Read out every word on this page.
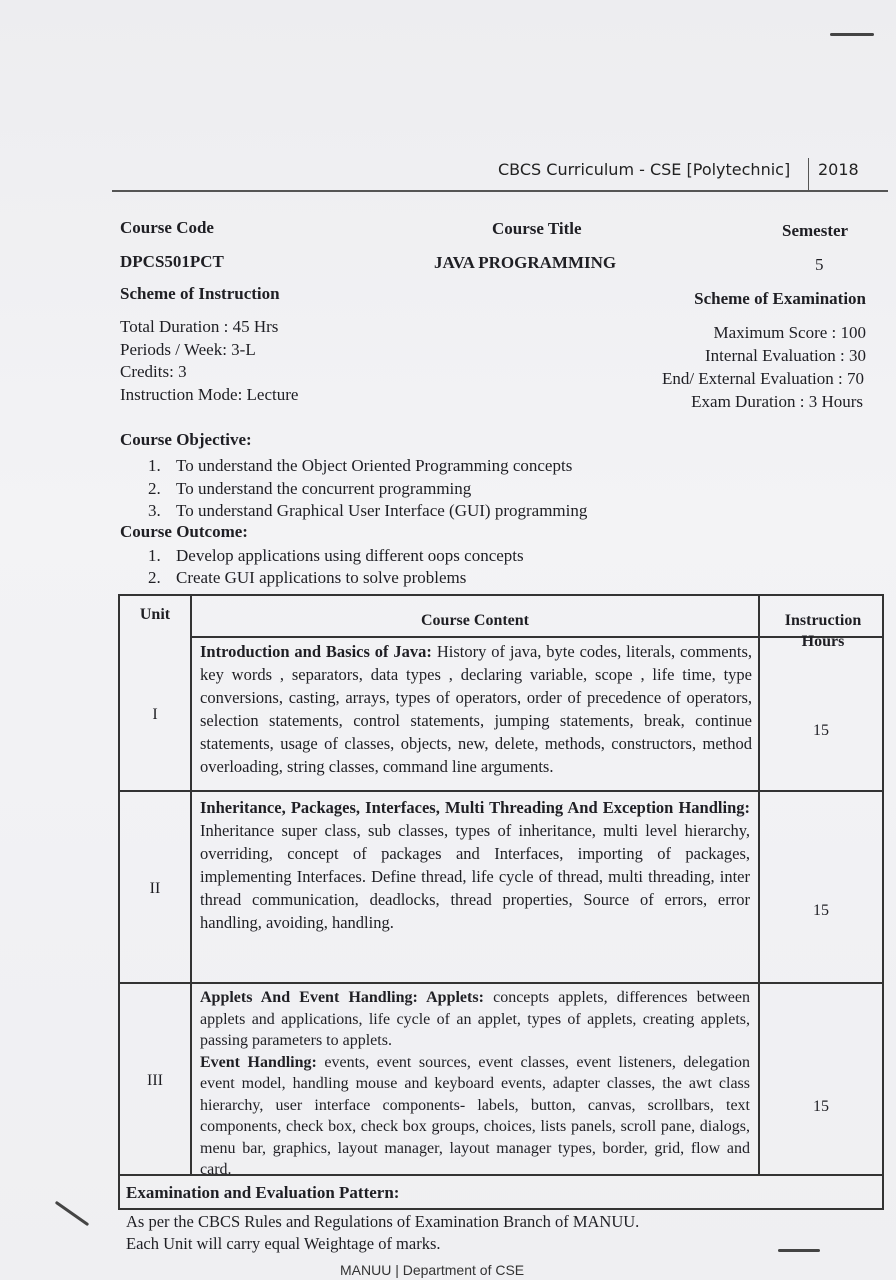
CBCS Curriculum - CSE [Polytechnic] 2018
Course Code
DPCS501PCT
Course Title
JAVA PROGRAMMING
Semester
5
Scheme of Instruction
Total Duration : 45 Hrs
Periods / Week: 3-L
Credits: 3
Instruction Mode: Lecture
Scheme of Examination
Maximum Score : 100
Internal Evaluation : 30
End/ External Evaluation : 70
Exam Duration : 3 Hours
Course Objective:
1. To understand the Object Oriented Programming concepts
2. To understand the concurrent programming
3. To understand Graphical User Interface (GUI) programming
Course Outcome:
1. Develop applications using different oops concepts
2. Create GUI applications to solve problems
Unit	Course Content	Instruction Hours
I
Introduction and Basics of Java: History of java, byte codes, literals, comments, key words , separators, data types , declaring variable, scope , life time, type conversions, casting, arrays, types of operators, order of precedence of operators, selection statements, control statements, jumping statements, break, continue statements, usage of classes, objects, new, delete, methods, constructors, method overloading, string classes, command line arguments.
15
II
Inheritance, Packages, Interfaces, Multi Threading And Exception Handling: Inheritance super class, sub classes, types of inheritance, multi level hierarchy, overriding, concept of packages and Interfaces, importing of packages, implementing Interfaces. Define thread, life cycle of thread, multi threading, inter thread communication, deadlocks, thread properties, Source of errors, error handling, avoiding, handling.
15
III
Applets And Event Handling: Applets: concepts applets, differences between applets and applications, life cycle of an applet, types of applets, creating applets, passing parameters to applets.
Event Handling: events, event sources, event classes, event listeners, delegation event model, handling mouse and keyboard events, adapter classes, the awt class hierarchy, user interface components- labels, button, canvas, scrollbars, text components, check box, check box groups, choices, lists panels, scroll pane, dialogs, menu bar, graphics, layout manager, layout manager types, border, grid, flow and card.
15
Examination and Evaluation Pattern:
As per the CBCS Rules and Regulations of Examination Branch of MANUU.
Each Unit will carry equal Weightage of marks.
MANUU | Department of CSE
